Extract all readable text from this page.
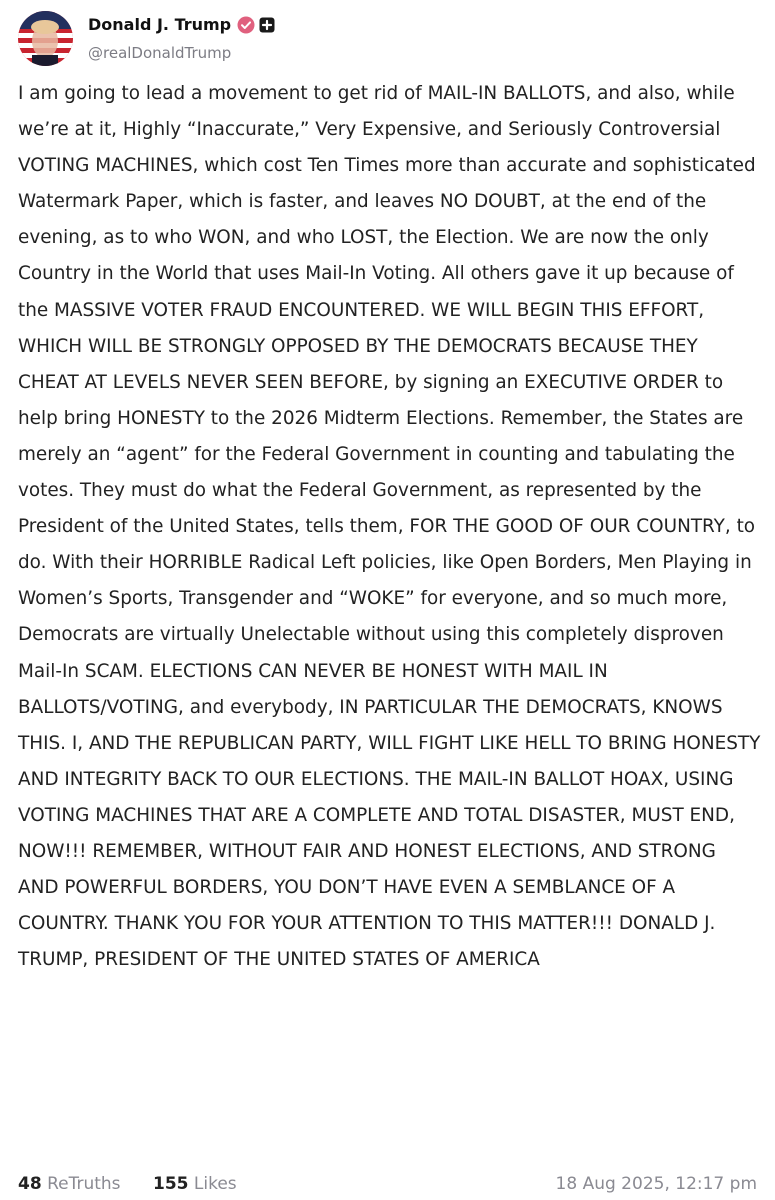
Donald J. Trump
@realDonaldTrump

I am going to lead a movement to get rid of MAIL-IN BALLOTS, and also, while we’re at it, Highly “Inaccurate,” Very Expensive, and Seriously Controversial VOTING MACHINES, which cost Ten Times more than accurate and sophisticated Watermark Paper, which is faster, and leaves NO DOUBT, at the end of the evening, as to who WON, and who LOST, the Election. We are now the only Country in the World that uses Mail-In Voting. All others gave it up because of the MASSIVE VOTER FRAUD ENCOUNTERED. WE WILL BEGIN THIS EFFORT, WHICH WILL BE STRONGLY OPPOSED BY THE DEMOCRATS BECAUSE THEY CHEAT AT LEVELS NEVER SEEN BEFORE, by signing an EXECUTIVE ORDER to help bring HONESTY to the 2026 Midterm Elections. Remember, the States are merely an “agent” for the Federal Government in counting and tabulating the votes. They must do what the Federal Government, as represented by the President of the United States, tells them, FOR THE GOOD OF OUR COUNTRY, to do. With their HORRIBLE Radical Left policies, like Open Borders, Men Playing in Women’s Sports, Transgender and “WOKE” for everyone, and so much more, Democrats are virtually Unelectable without using this completely disproven Mail-In SCAM. ELECTIONS CAN NEVER BE HONEST WITH MAIL IN BALLOTS/VOTING, and everybody, IN PARTICULAR THE DEMOCRATS, KNOWS THIS. I, AND THE REPUBLICAN PARTY, WILL FIGHT LIKE HELL TO BRING HONESTY AND INTEGRITY BACK TO OUR ELECTIONS. THE MAIL-IN BALLOT HOAX, USING VOTING MACHINES THAT ARE A COMPLETE AND TOTAL DISASTER, MUST END, NOW!!! REMEMBER, WITHOUT FAIR AND HONEST ELECTIONS, AND STRONG AND POWERFUL BORDERS, YOU DON’T HAVE EVEN A SEMBLANCE OF A COUNTRY. THANK YOU FOR YOUR ATTENTION TO THIS MATTER!!! DONALD J. TRUMP, PRESIDENT OF THE UNITED STATES OF AMERICA

48 ReTruths 155 Likes	18 Aug 2025, 12:17 pm
